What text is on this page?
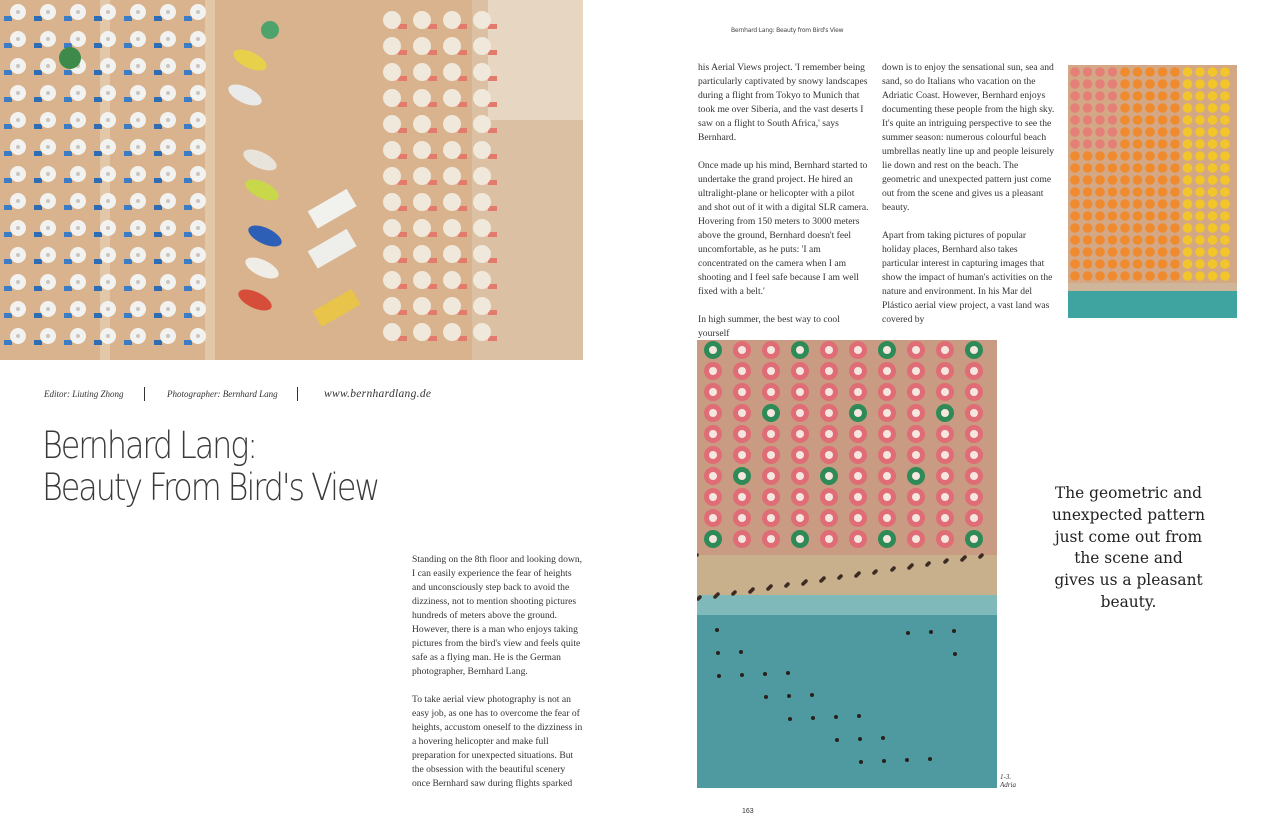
Editor: Liuting Zhong	Photographer: Bernhard Lang	www.bernhardlang.de
Bernhard Lang:
Beauty From Bird's View

Standing on the 8th floor and looking down, I can easily experience the fear of heights and unconsciously step back to avoid the dizziness, not to mention shooting pictures hundreds of meters above the ground. However, there is a man who enjoys taking pictures from the bird's view and feels quite safe as a flying man. He is the German photographer, Bernhard Lang.

To take aerial view photography is not an easy job, as one has to overcome the fear of heights, accustom oneself to the dizziness in a hovering helicopter and make full preparation for unexpected situations. But the obsession with the beautiful scenery once Bernhard saw during flights sparked

Bernhard Lang: Beauty from Bird's View

his Aerial Views project. 'I remember being particularly captivated by snowy landscapes during a flight from Tokyo to Munich that took me over Siberia, and the vast deserts I saw on a flight to South Africa,' says Bernhard.

Once made up his mind, Bernhard started to undertake the grand project. He hired an ultralight-plane or helicopter with a pilot and shot out of it with a digital SLR camera. Hovering from 150 meters to 3000 meters above the ground, Bernhard doesn't feel uncomfortable, as he puts: 'I am concentrated on the camera when I am shooting and I feel safe because I am well fixed with a belt.'

In high summer, the best way to cool yourself

down is to enjoy the sensational sun, sea and sand, so do Italians who vacation on the Adriatic Coast. However, Bernhard enjoys documenting these people from the high sky. It's quite an intriguing perspective to see the summer season: numerous colourful beach umbrellas neatly line up and people leisurely lie down and rest on the beach. The geometric and unexpected pattern just come out from the scene and gives us a pleasant beauty.

Apart from taking pictures of popular holiday places, Bernhard also takes particular interest in capturing images that show the impact of human's activities on the nature and environment. In his Mar del Plástico aerial view project, a vast land was covered by

The geometric and unexpected pattern just come out from the scene and gives us a pleasant beauty.
1-3.
Adria
163
